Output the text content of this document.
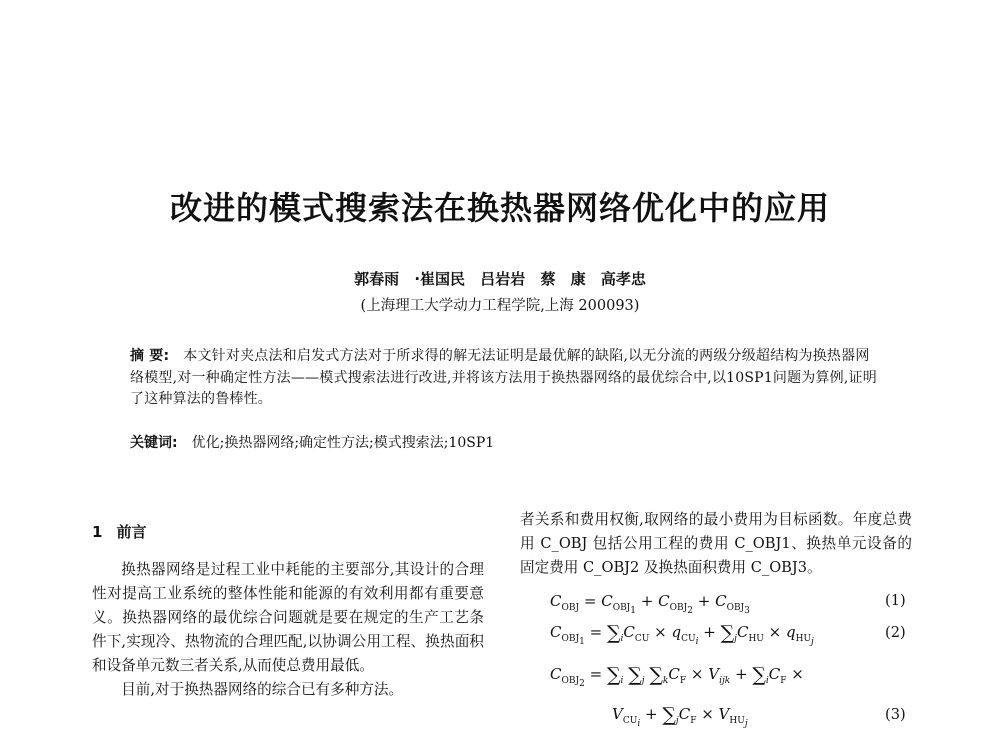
改进的模式搜索法在换热器网络优化中的应用
郭春雨 ·崔国民 吕岩岩 蔡 康 高孝忠
(上海理工大学动力工程学院,上海 200093)
摘 要: 本文针对夹点法和启发式方法对于所求得的解无法证明是最优解的缺陷,以无分流的两级分级超结构为换热器网络模型,对一种确定性方法——模式搜索法进行改进,并将该方法用于换热器网络的最优综合中,以10SP1问题为算例,证明了这种算法的鲁棒性。
关键词: 优化;换热器网络;确定性方法;模式搜索法;10SP1
1 前言

换热器网络是过程工业中耗能的主要部分,其设计的合理性对提高工业系统的整体性能和能源的有效利用都有重要意义。换热器网络的最优综合问题就是要在规定的生产工艺条件下,实现冷、热物流的合理匹配,以协调公用工程、换热面积和设备单元数三者关系,从而使总费用最低。

目前,对于换热器网络的综合已有多种方法。

者关系和费用权衡,取网络的最小费用为目标函数。年度总费用 C_OBJ 包括公用工程的费用 C_OBJ1、换热单元设备的固定费用 C_OBJ2 及换热面积费用 C_OBJ3。
$C_{OBJ} = C_{OBJ_1} + C_{OBJ_2} + C_{OBJ_3}$
(1)
$C_{OBJ_1} = \sum_iC_{CU} \times q_{CU_i} + \sum_jC_{HU} \times q_{HU_j}$
(2)
$C_{OBJ_2} = \sum_i$ $\sum_j$ $\sum_kC_F \times V_{ijk} + \sum_iC_F$ ×
$V_{CU_i} + \sum_jC_F \times V_{HU_j}$
(3)
